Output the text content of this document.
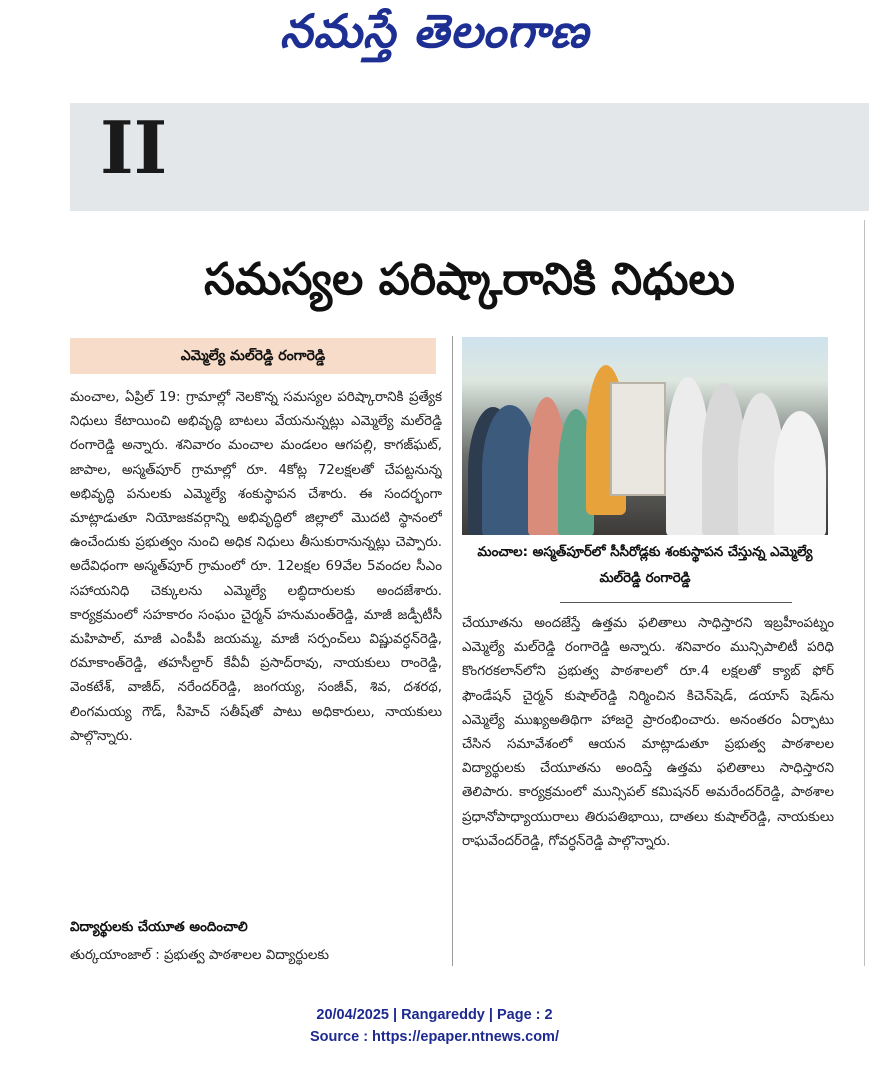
నమస్తే తెలంగాణ
II
సమస్యల పరిష్కారానికి నిధులు
ఎమ్మెల్యే మల్‌రెడ్డి రంగారెడ్డి
మంచాల, ఏప్రిల్ 19: గ్రామాల్లో నెలకొన్న సమస్యల పరిష్కారానికి ప్రత్యేక నిధులు కేటాయించి అభివృద్ధి బాటలు వేయనున్నట్లు ఎమ్మెల్యే మల్‌రెడ్డి రంగారెడ్డి అన్నారు. శనివారం మంచాల మండలం ఆగపల్లి, కాగజ్‌ఘట్, జాపాల, అస్మత్‌పూర్ గ్రామాల్లో రూ. 4కోట్ల 72లక్షలతో చేపట్టనున్న అభివృద్ధి పనులకు ఎమ్మెల్యే శంకుస్థాపన చేశారు. ఈ సందర్భంగా మాట్లాడుతూ నియోజకవర్గాన్ని అభివృద్ధిలో జిల్లాలో మొదటి స్థానంలో ఉంచేందుకు ప్రభుత్వం నుంచి అధిక నిధులు తీసుకురానున్నట్లు చెప్పారు. అదేవిధంగా అస్మత్‌పూర్ గ్రామంలో రూ. 12లక్షల 69వేల 5వందల సీఎం సహాయనిధి చెక్కులను ఎమ్మెల్యే లబ్ధిదారులకు అందజేశారు. కార్యక్రమంలో సహకారం సంఘం చైర్మన్ హనుమంత్‌రెడ్డి, మాజీ జడ్పీటీసీ మహిపాల్, మాజీ ఎంపీపీ జయమ్మ, మాజీ సర్పంచ్‌లు విష్ణువర్ధన్‌రెడ్డి, రమాకాంత్‌రెడ్డి, తహసీల్దార్ కేవీవీ ప్రసాద్‌రావు, నాయకులు రాంరెడ్డి, వెంకటేశ్, వాజీద్, నరేందర్‌రెడ్డి, జంగయ్య, సంజీవ్, శివ, దశరథ, లింగమయ్య గౌడ్, సీహెచ్ సతీష్‌తో పాటు అధికారులు, నాయకులు పాల్గొన్నారు.
విద్యార్థులకు చేయూత అందించాలి
తుర్కయాంజాల్ : ప్రభుత్వ పాఠశాలల విద్యార్థులకు
మంచాల: అస్మత్‌పూర్‌లో సీసీరోడ్లకు శంకుస్థాపన చేస్తున్న ఎమ్మెల్యే మల్‌రెడ్డి రంగారెడ్డి
చేయూతను అందజేస్తే ఉత్తమ ఫలితాలు సాధిస్తారని ఇబ్రహీంపట్నం ఎమ్మెల్యే మల్‌రెడ్డి రంగారెడ్డి అన్నారు. శనివారం మున్సిపాలిటీ పరిధి కొంగరకలాన్‌లోని ప్రభుత్వ పాఠశాలలో రూ.4 లక్షలతో క్యాబ్ ఫోర్ ఫౌండేషన్ చైర్మన్ కుషాల్‌రెడ్డి నిర్మించిన కిచెన్‌షెడ్, డయాస్ షెడ్‌ను ఎమ్మెల్యే ముఖ్యఅతిథిగా హాజరై ప్రారంభించారు. అనంతరం ఏర్పాటు చేసిన సమావేశంలో ఆయన మాట్లాడుతూ ప్రభుత్వ పాఠశాలల విద్యార్థులకు చేయూతను అందిస్తే ఉత్తమ ఫలితాలు సాధిస్తారని తెలిపారు. కార్యక్రమంలో మున్సిపల్ కమిషనర్ అమరేందర్‌రెడ్డి, పాఠశాల ప్రధానోపాధ్యాయురాలు తిరుపతిభాయి, దాతలు కుషాల్‌రెడ్డి, నాయకులు రాఘవేందర్‌రెడ్డి, గోవర్ధన్‌రెడ్డి పాల్గొన్నారు.
20/04/2025 | Rangareddy | Page : 2
Source : https://epaper.ntnews.com/
